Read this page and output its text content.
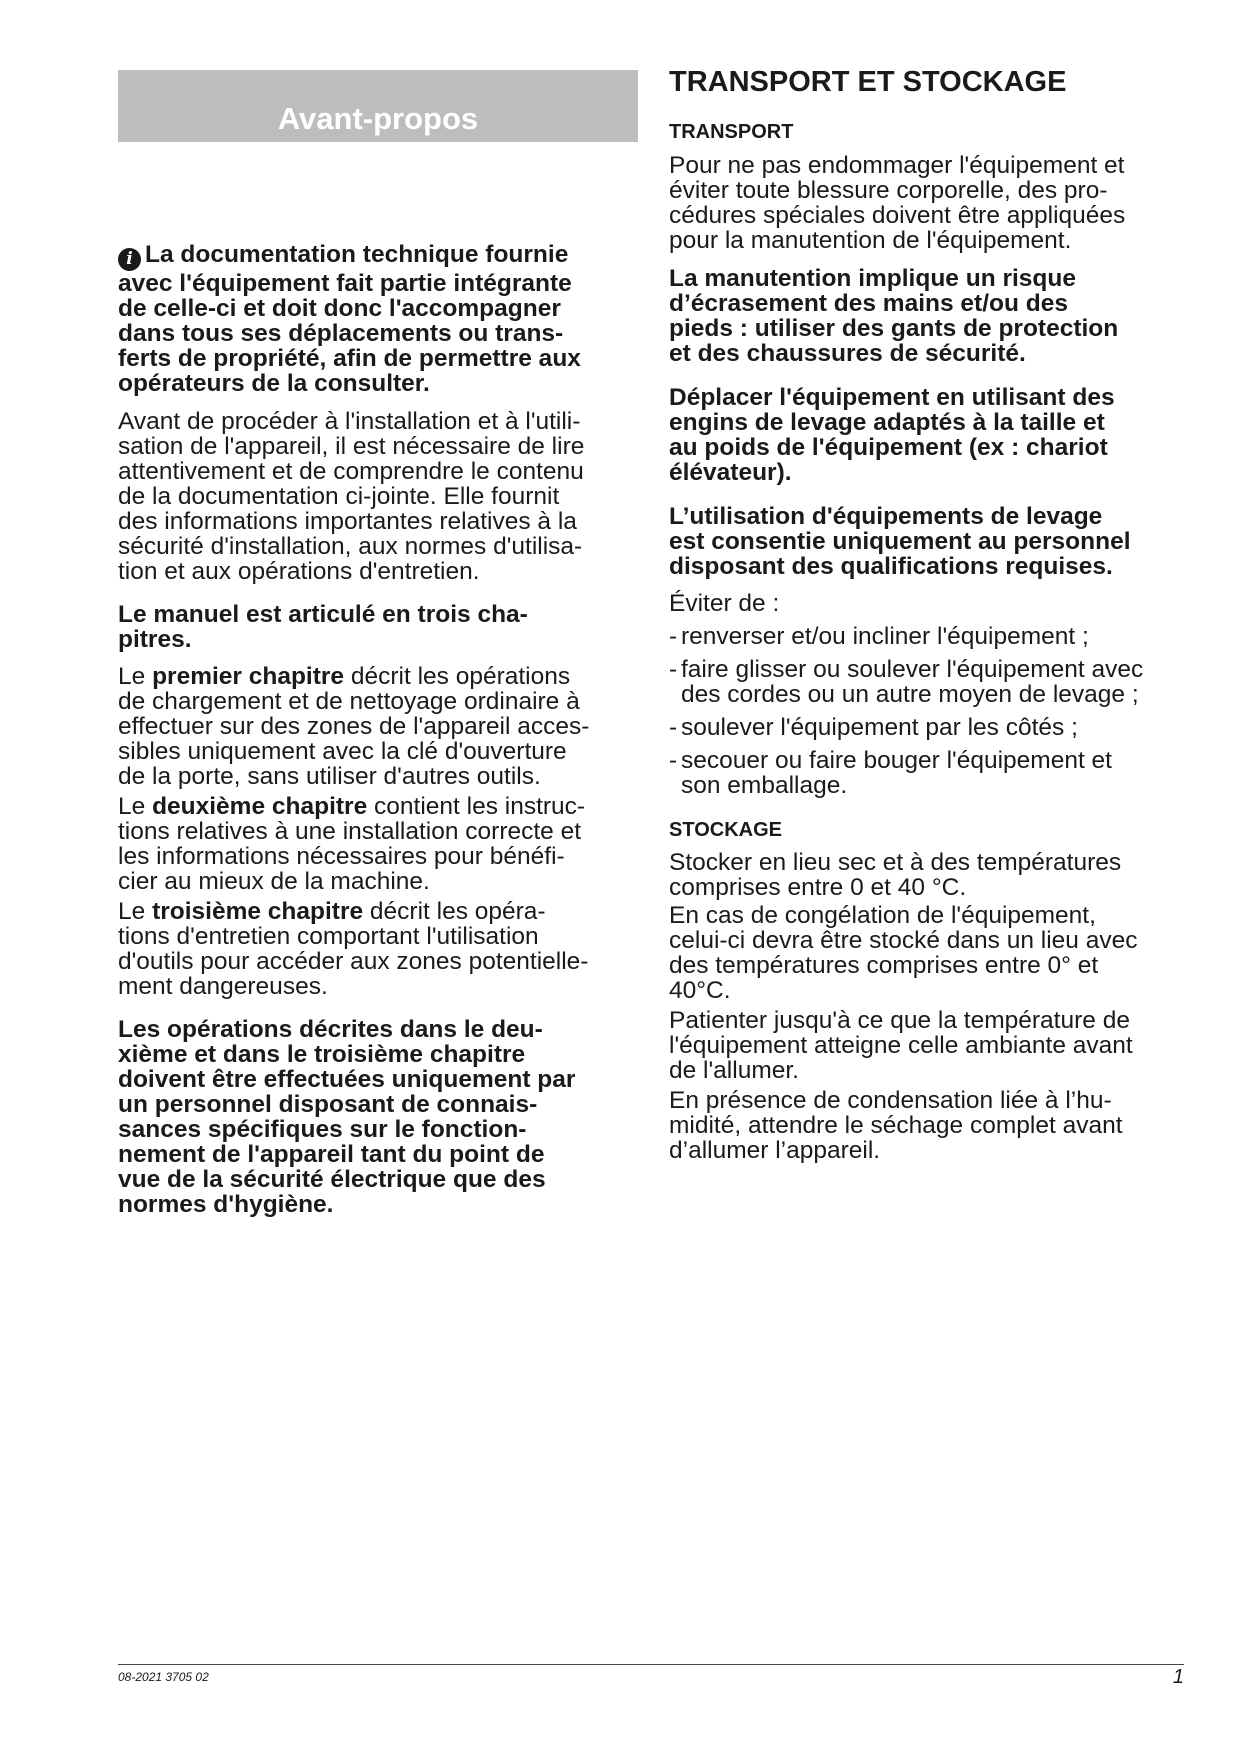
Avant-propos
i La documentation technique fournie
avec l'équipement fait partie intégrante
de celle-ci et doit donc l'accompagner
dans tous ses déplacements ou trans-
ferts de propriété, afin de permettre aux
opérateurs de la consulter.
Avant de procéder à l'installation et à l'utili-
sation de l'appareil, il est nécessaire de lire
attentivement et de comprendre le contenu
de la documentation ci-jointe. Elle fournit
des informations importantes relatives à la
sécurité d'installation, aux normes d'utilisa-
tion et aux opérations d'entretien.
Le manuel est articulé en trois cha-
pitres.
Le premier chapitre décrit les opérations
de chargement et de nettoyage ordinaire à
effectuer sur des zones de l'appareil acces-
sibles uniquement avec la clé d'ouverture
de la porte, sans utiliser d'autres outils.
Le deuxième chapitre contient les instruc-
tions relatives à une installation correcte et
les informations nécessaires pour bénéfi-
cier au mieux de la machine.
Le troisième chapitre décrit les opéra-
tions d'entretien comportant l'utilisation
d'outils pour accéder aux zones potentielle-
ment dangereuses.
Les opérations décrites dans le deu-
xième et dans le troisième chapitre
doivent être effectuées uniquement par
un personnel disposant de connais-
sances spécifiques sur le fonction-
nement de l'appareil tant du point de
vue de la sécurité électrique que des
normes d'hygiène.
TRANSPORT ET STOCKAGE
TRANSPORT
Pour ne pas endommager l'équipement et
éviter toute blessure corporelle, des pro-
cédures spéciales doivent être appliquées
pour la manutention de l'équipement.
La manutention implique un risque
d’écrasement des mains et/ou des
pieds : utiliser des gants de protection
et des chaussures de sécurité.
Déplacer l'équipement en utilisant des
engins de levage adaptés à la taille et
au poids de l'équipement (ex : chariot
élévateur).
L’utilisation d'équipements de levage
est consentie uniquement au personnel
disposant des qualifications requises.
Éviter de :
- renverser et/ou incliner l'équipement ;
- faire glisser ou soulever l'équipement avec
des cordes ou un autre moyen de levage ;
- soulever l'équipement par les côtés ;
- secouer ou faire bouger l'équipement et
son emballage.
STOCKAGE
Stocker en lieu sec et à des températures
comprises entre 0 et 40 °C.
En cas de congélation de l'équipement,
celui-ci devra être stocké dans un lieu avec
des températures comprises entre 0° et
40°C.
Patienter jusqu'à ce que la température de
l'équipement atteigne celle ambiante avant
de l'allumer.
En présence de condensation liée à l’hu-
midité, attendre le séchage complet avant
d’allumer l’appareil.
08-2021 3705 02	1
